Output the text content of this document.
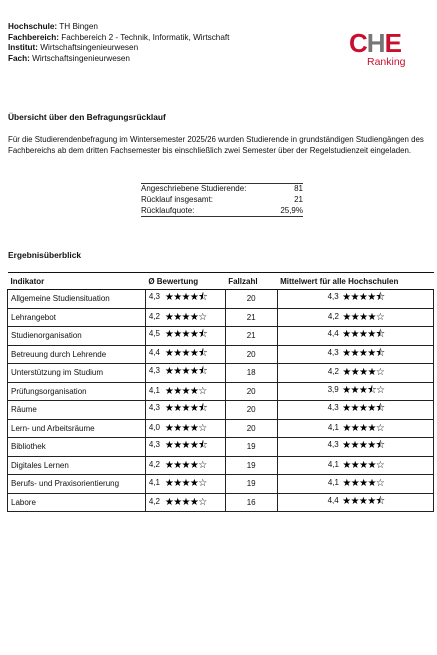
Hochschule: TH Bingen
Fachbereich: Fachbereich 2 - Technik, Informatik, Wirtschaft
Institut: Wirtschaftsingenieurwesen
Fach: Wirtschaftsingenieurwesen	CHE
Ranking
Übersicht über den Befragungsrücklauf
Für die Studierendenbefragung im Wintersemester 2025/26 wurden Studierende in grundständigen Studiengängen des Fachbereichs ab dem dritten Fachsemester bis einschließlich zwei Semester über der Regelstudienzeit eingeladen.
Angeschriebene Studierende:	81
Rücklauf insgesamt:	21
Rücklaufquote:	25,9%
Ergebnisüberblick
Indikator	Ø Bewertung	Fallzahl	Mittelwert für alle Hochschulen
Allgemeine Studiensituation	4,3 ★★★★⯪	20	4,3 ★★★★⯪
Lehrangebot	4,2 ★★★★☆	21	4,2 ★★★★☆
Studienorganisation	4,5 ★★★★⯪	21	4,4 ★★★★⯪
Betreuung durch Lehrende	4,4 ★★★★⯪	20	4,3 ★★★★⯪
Unterstützung im Studium	4,3 ★★★★⯪	18	4,2 ★★★★☆
Prüfungsorganisation	4,1 ★★★★☆	20	3,9 ★★★⯪☆
Räume	4,3 ★★★★⯪	20	4,3 ★★★★⯪
Lern- und Arbeitsräume	4,0 ★★★★☆	20	4,1 ★★★★☆
Bibliothek	4,3 ★★★★⯪	19	4,3 ★★★★⯪
Digitales Lernen	4,2 ★★★★☆	19	4,1 ★★★★☆
Berufs- und Praxisorientierung	4,1 ★★★★☆	19	4,1 ★★★★☆
Labore	4,2 ★★★★☆	16	4,4 ★★★★⯪
